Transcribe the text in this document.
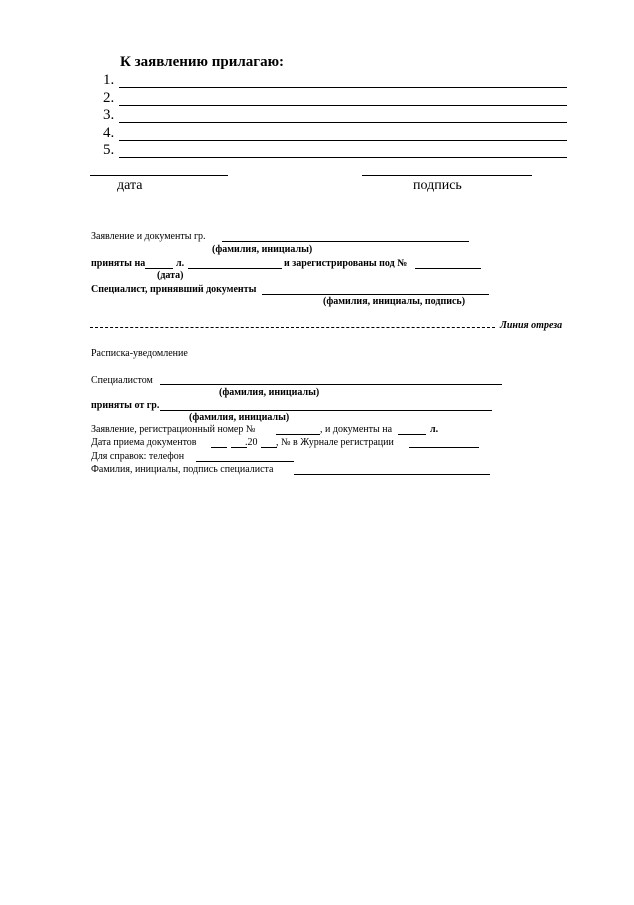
К заявлению прилагаю:
1.
2.
3.
4.
5.
дата	подпись
Заявление и документы гр.
(фамилия, инициалы)
приняты на	л.	и зарегистрированы под №
(дата)
Специалист, принявший документы
(фамилия, инициалы, подпись)
Линия отреза
Расписка-уведомление
Специалистом
(фамилия, инициалы)
приняты от гр.
(фамилия, инициалы)
Заявление, регистрационный номер №	, и документы на	л.
Дата приема документов	.20 , № в Журнале регистрации
Для справок: телефон
Фамилия, инициалы, подпись специалиста
